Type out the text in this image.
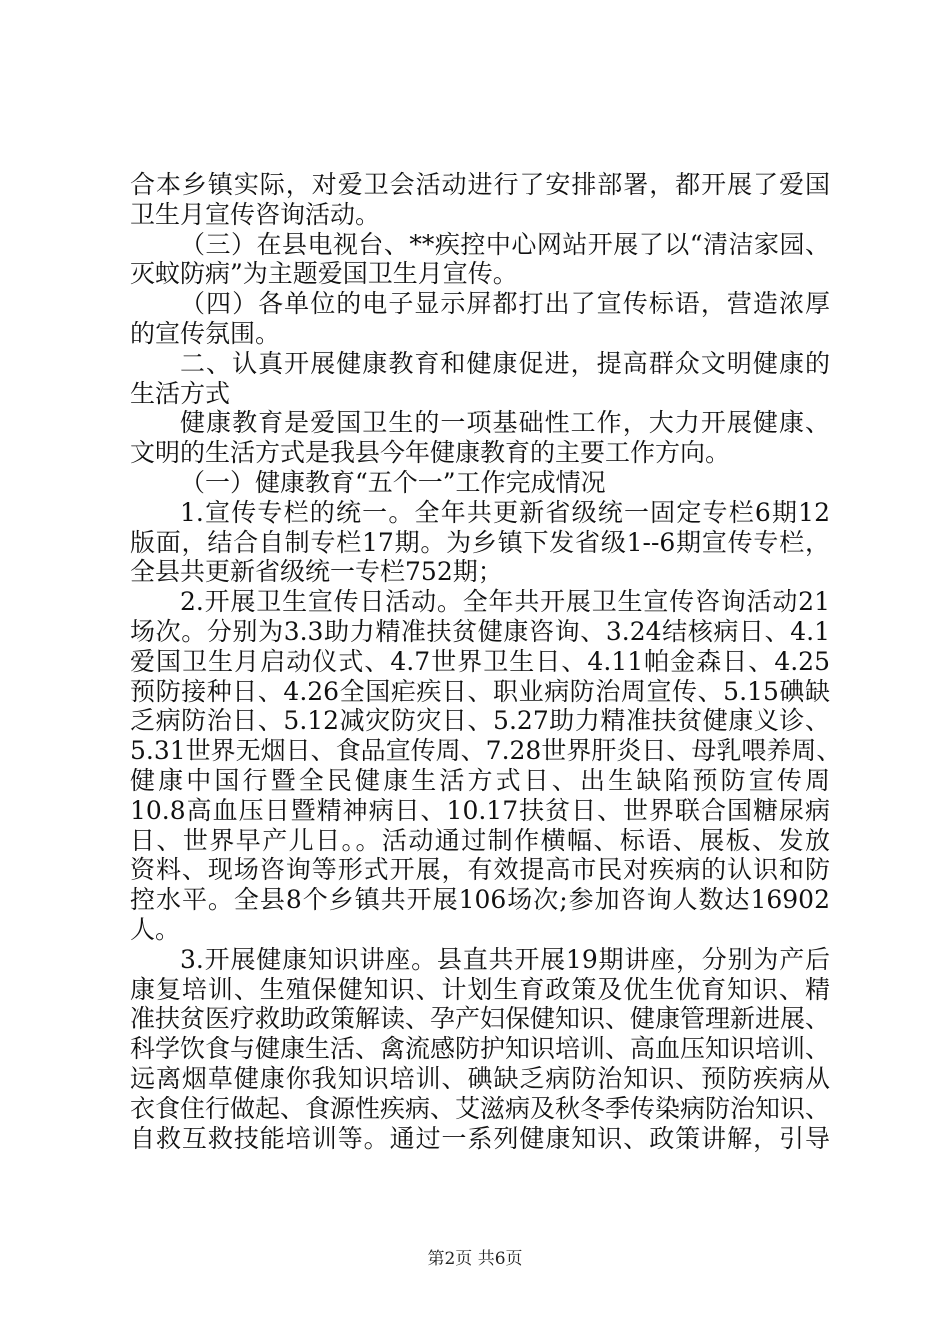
合本乡镇实际，对爱卫会活动进行了安排部署，都开展了爱国
卫生月宣传咨询活动。
（三）在县电视台、**疾控中心网站开展了以“清洁家园、
灭蚊防病”为主题爱国卫生月宣传。
（四）各单位的电子显示屏都打出了宣传标语，营造浓厚
的宣传氛围。
二、认真开展健康教育和健康促进，提高群众文明健康的
生活方式
健康教育是爱国卫生的一项基础性工作，大力开展健康、
文明的生活方式是我县今年健康教育的主要工作方向。
（一）健康教育“五个一”工作完成情况
1.宣传专栏的统一。全年共更新省级统一固定专栏6期12
版面，结合自制专栏17期。为乡镇下发省级1--6期宣传专栏，
全县共更新省级统一专栏752期；
2.开展卫生宣传日活动。全年共开展卫生宣传咨询活动21
场次。分别为3.3助力精准扶贫健康咨询、3.24结核病日、4.1
爱国卫生月启动仪式、4.7世界卫生日、4.11帕金森日、4.25
预防接种日、4.26全国疟疾日、职业病防治周宣传、5.15碘缺
乏病防治日、5.12减灾防灾日、5.27助力精准扶贫健康义诊、
5.31世界无烟日、食品宣传周、7.28世界肝炎日、母乳喂养周、
健康中国行暨全民健康生活方式日、出生缺陷预防宣传周
10.8高血压日暨精神病日、10.17扶贫日、世界联合国糖尿病
日、世界早产儿日。。活动通过制作横幅、标语、展板、发放
资料、现场咨询等形式开展，有效提高市民对疾病的认识和防
控水平。全县8个乡镇共开展106场次;参加咨询人数达16902
人。
3.开展健康知识讲座。县直共开展19期讲座，分别为产后
康复培训、生殖保健知识、计划生育政策及优生优育知识、精
准扶贫医疗救助政策解读、孕产妇保健知识、健康管理新进展、
科学饮食与健康生活、禽流感防护知识培训、高血压知识培训、
远离烟草健康你我知识培训、碘缺乏病防治知识、预防疾病从
衣食住行做起、食源性疾病、艾滋病及秋冬季传染病防治知识、
自救互救技能培训等。通过一系列健康知识、政策讲解，引导
第2页 共6页
